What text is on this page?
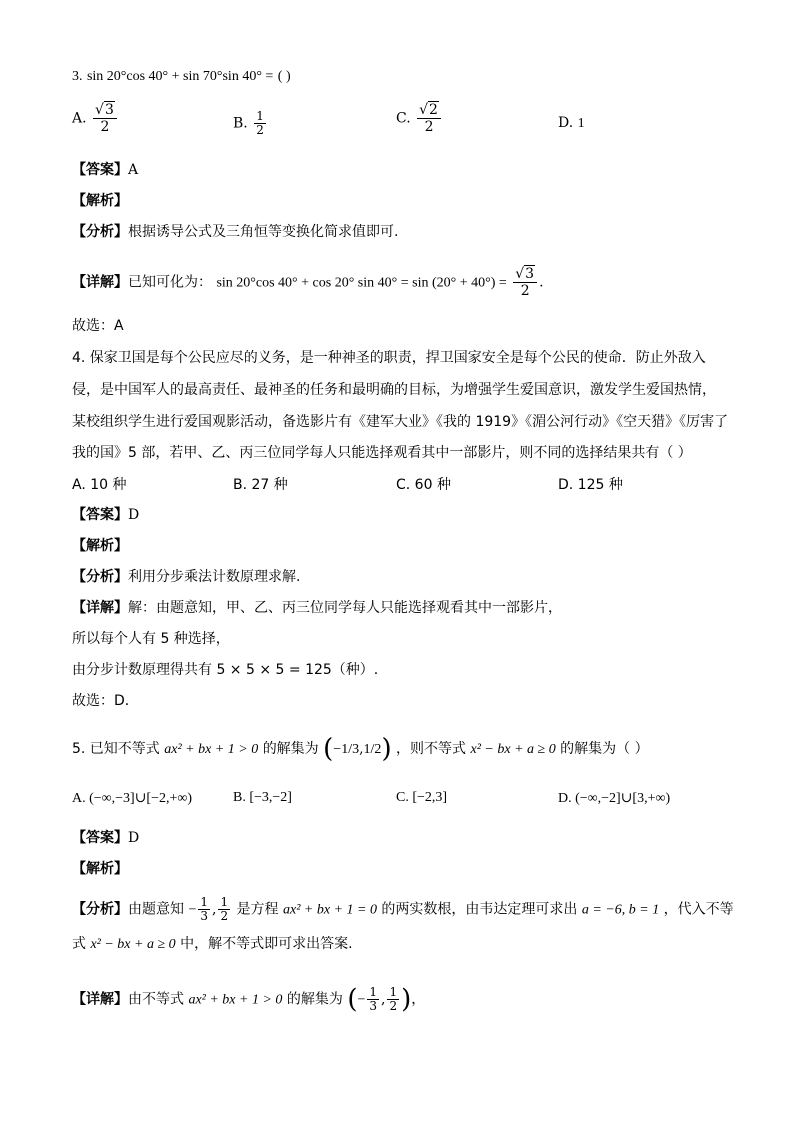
3. sin 20°cos 40° + sin 70°sin 40° = ( )
A. $\frac{√3}{2}$	B. $\frac{1}{2}$	C. $\frac{√2}{2}$	D. 1
【答案】A
【解析】
【分析】根据诱导公式及三角恒等变换化简求值即可.
【详解】已知可化为： sin 20°cos 40° + cos 20° $\sin 40^\circ = \sin (20^\circ + 40^\circ) = \frac{√3}{2}$ .
故选：A
4. 保家卫国是每个公民应尽的义务，是一种神圣的职责，捍卫国家安全是每个公民的使命．防止外敌入
侵，是中国军人的最高责任、最神圣的任务和最明确的目标，为增强学生爱国意识，激发学生爱国热情，
某校组织学生进行爱国观影活动，备选影片有《建军大业》《我的 1919》《湄公河行动》《空天猎》《厉害了
我的国》5 部，若甲、乙、丙三位同学每人只能选择观看其中一部影片，则不同的选择结果共有（ ）
A. 10 种	B. 27 种	C. 60 种	D. 125 种
【答案】D
【解析】
【分析】利用分步乘法计数原理求解.
【详解】解：由题意知，甲、乙、丙三位同学每人只能选择观看其中一部影片，
所以每个人有 5 种选择，
由分步计数原理得共有 5 × 5 × 5 = 125（种）.
故选：D．
5. 已知不等式 ax² + bx + 1 > 0 的解集为 (−1/3,1/2) ，则不等式 x² − bx + a ≥ 0 的解集为（ ）
A. (−∞,−3]∪[−2,+∞)	B. [−3,−2]	C. [−2,3]	D. (−∞,−2]∪[3,+∞)
【答案】D
【解析】
【分析】由题意知 − $\frac{1}{3}$ , $\frac{1}{2}$ 是方程 ax² + bx + 1 = 0 的两实数根，由韦达定理可求出 a = −6, b = 1 ，代入不等
式 x² − bx + a ≥ 0 中，解不等式即可求出答案.
【详解】由不等式 ax² + bx + 1 > 0 的解集为 (− $\frac{1}{3}$ , $\frac{1}{2}$ )，
